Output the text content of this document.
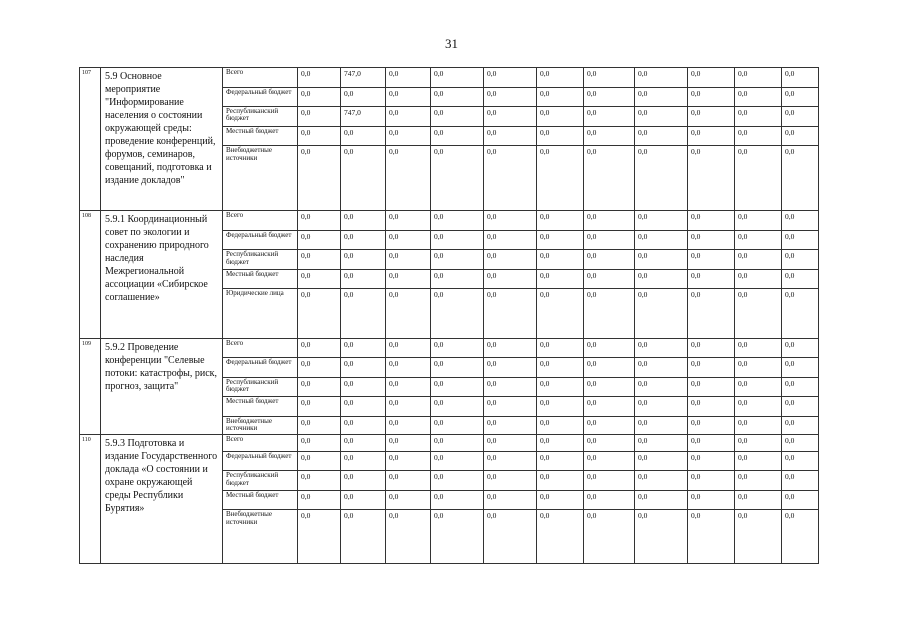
31
107	5.9 Основное мероприятие "Информирование населения о состоянии окружающей среды: проведение конференций, форумов, семинаров, совещаний, подготовка и издание докладов"	Всего	0,0	747,0	0,0	0,0	0,0	0,0	0,0	0,0	0,0	0,0	0,0	
		Федеральный бюджет	0,0	0,0	0,0	0,0	0,0	0,0	0,0	0,0	0,0	0,0	0,0	
		Республиканский бюджет	0,0	747,0	0,0	0,0	0,0	0,0	0,0	0,0	0,0	0,0	0,0	
		Местный бюджет	0,0	0,0	0,0	0,0	0,0	0,0	0,0	0,0	0,0	0,0	0,0	
		Внебюджетные источники	0,0	0,0	0,0	0,0	0,0	0,0	0,0	0,0	0,0	0,0	0,0	
108	5.9.1 Координационный совет по экологии и сохранению природного наследия Межрегиональной ассоциации «Сибирское соглашение»	Всего	0,0	0,0	0,0	0,0	0,0	0,0	0,0	0,0	0,0	0,0	0,0	
		Федеральный бюджет	0,0	0,0	0,0	0,0	0,0	0,0	0,0	0,0	0,0	0,0	0,0	
		Республиканский бюджет	0,0	0,0	0,0	0,0	0,0	0,0	0,0	0,0	0,0	0,0	0,0	
		Местный бюджет	0,0	0,0	0,0	0,0	0,0	0,0	0,0	0,0	0,0	0,0	0,0	
		Юридические лица	0,0	0,0	0,0	0,0	0,0	0,0	0,0	0,0	0,0	0,0	0,0	
109	5.9.2 Проведение конференции "Селевые потоки: катастрофы, риск, прогноз, защита"	Всего	0,0	0,0	0,0	0,0	0,0	0,0	0,0	0,0	0,0	0,0	0,0	
		Федеральный бюджет	0,0	0,0	0,0	0,0	0,0	0,0	0,0	0,0	0,0	0,0	0,0	
		Республиканский бюджет	0,0	0,0	0,0	0,0	0,0	0,0	0,0	0,0	0,0	0,0	0,0	
		Местный бюджет	0,0	0,0	0,0	0,0	0,0	0,0	0,0	0,0	0,0	0,0	0,0	
		Внебюджетные источники	0,0	0,0	0,0	0,0	0,0	0,0	0,0	0,0	0,0	0,0	0,0	
110	5.9.3 Подготовка и издание Государственного доклада «О состоянии и охране окружающей среды Республики Бурятия»	Всего	0,0	0,0	0,0	0,0	0,0	0,0	0,0	0,0	0,0	0,0	0,0	
		Федеральный бюджет	0,0	0,0	0,0	0,0	0,0	0,0	0,0	0,0	0,0	0,0	0,0	
		Республиканский бюджет	0,0	0,0	0,0	0,0	0,0	0,0	0,0	0,0	0,0	0,0	0,0	
		Местный бюджет	0,0	0,0	0,0	0,0	0,0	0,0	0,0	0,0	0,0	0,0	0,0	
		Внебюджетные источники	0,0	0,0	0,0	0,0	0,0	0,0	0,0	0,0	0,0	0,0	0,0	
